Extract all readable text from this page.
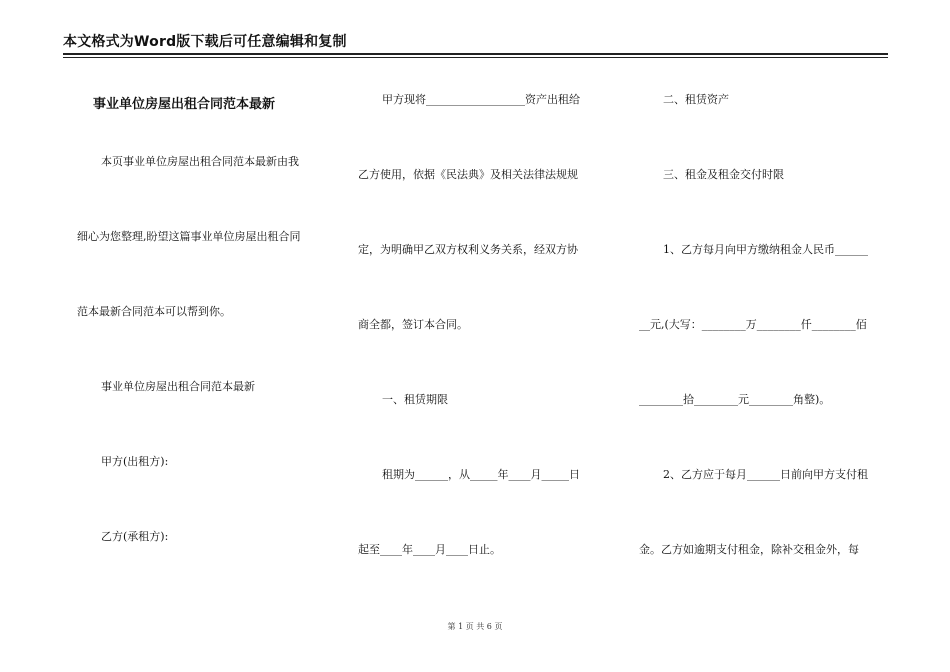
本文格式为Word版下载后可任意编辑和复制
事业单位房屋出租合同范本最新
本页事业单位房屋出租合同范本最新由我
细心为您整理,盼望这篇事业单位房屋出租合同
范本最新合同范本可以帮到你。
事业单位房屋出租合同范本最新
甲方(出租方):
乙方(承租方):
甲方现将__________________资产出租给
乙方使用，依据《民法典》及相关法律法规规
定，为明确甲乙双方权利义务关系，经双方协
商全都，签订本合同。
一、租赁期限
租期为______，从_____年____月_____日
起至____年____月____日止。
二、租赁资产
三、租金及租金交付时限
1、乙方每月向甲方缴纳租金人民币______
__元,(大写：________万________仟________佰
________拾________元________角整)。
2、乙方应于每月______日前向甲方支付租
金。乙方如逾期支付租金，除补交租金外，每
第 1 页 共 6 页
